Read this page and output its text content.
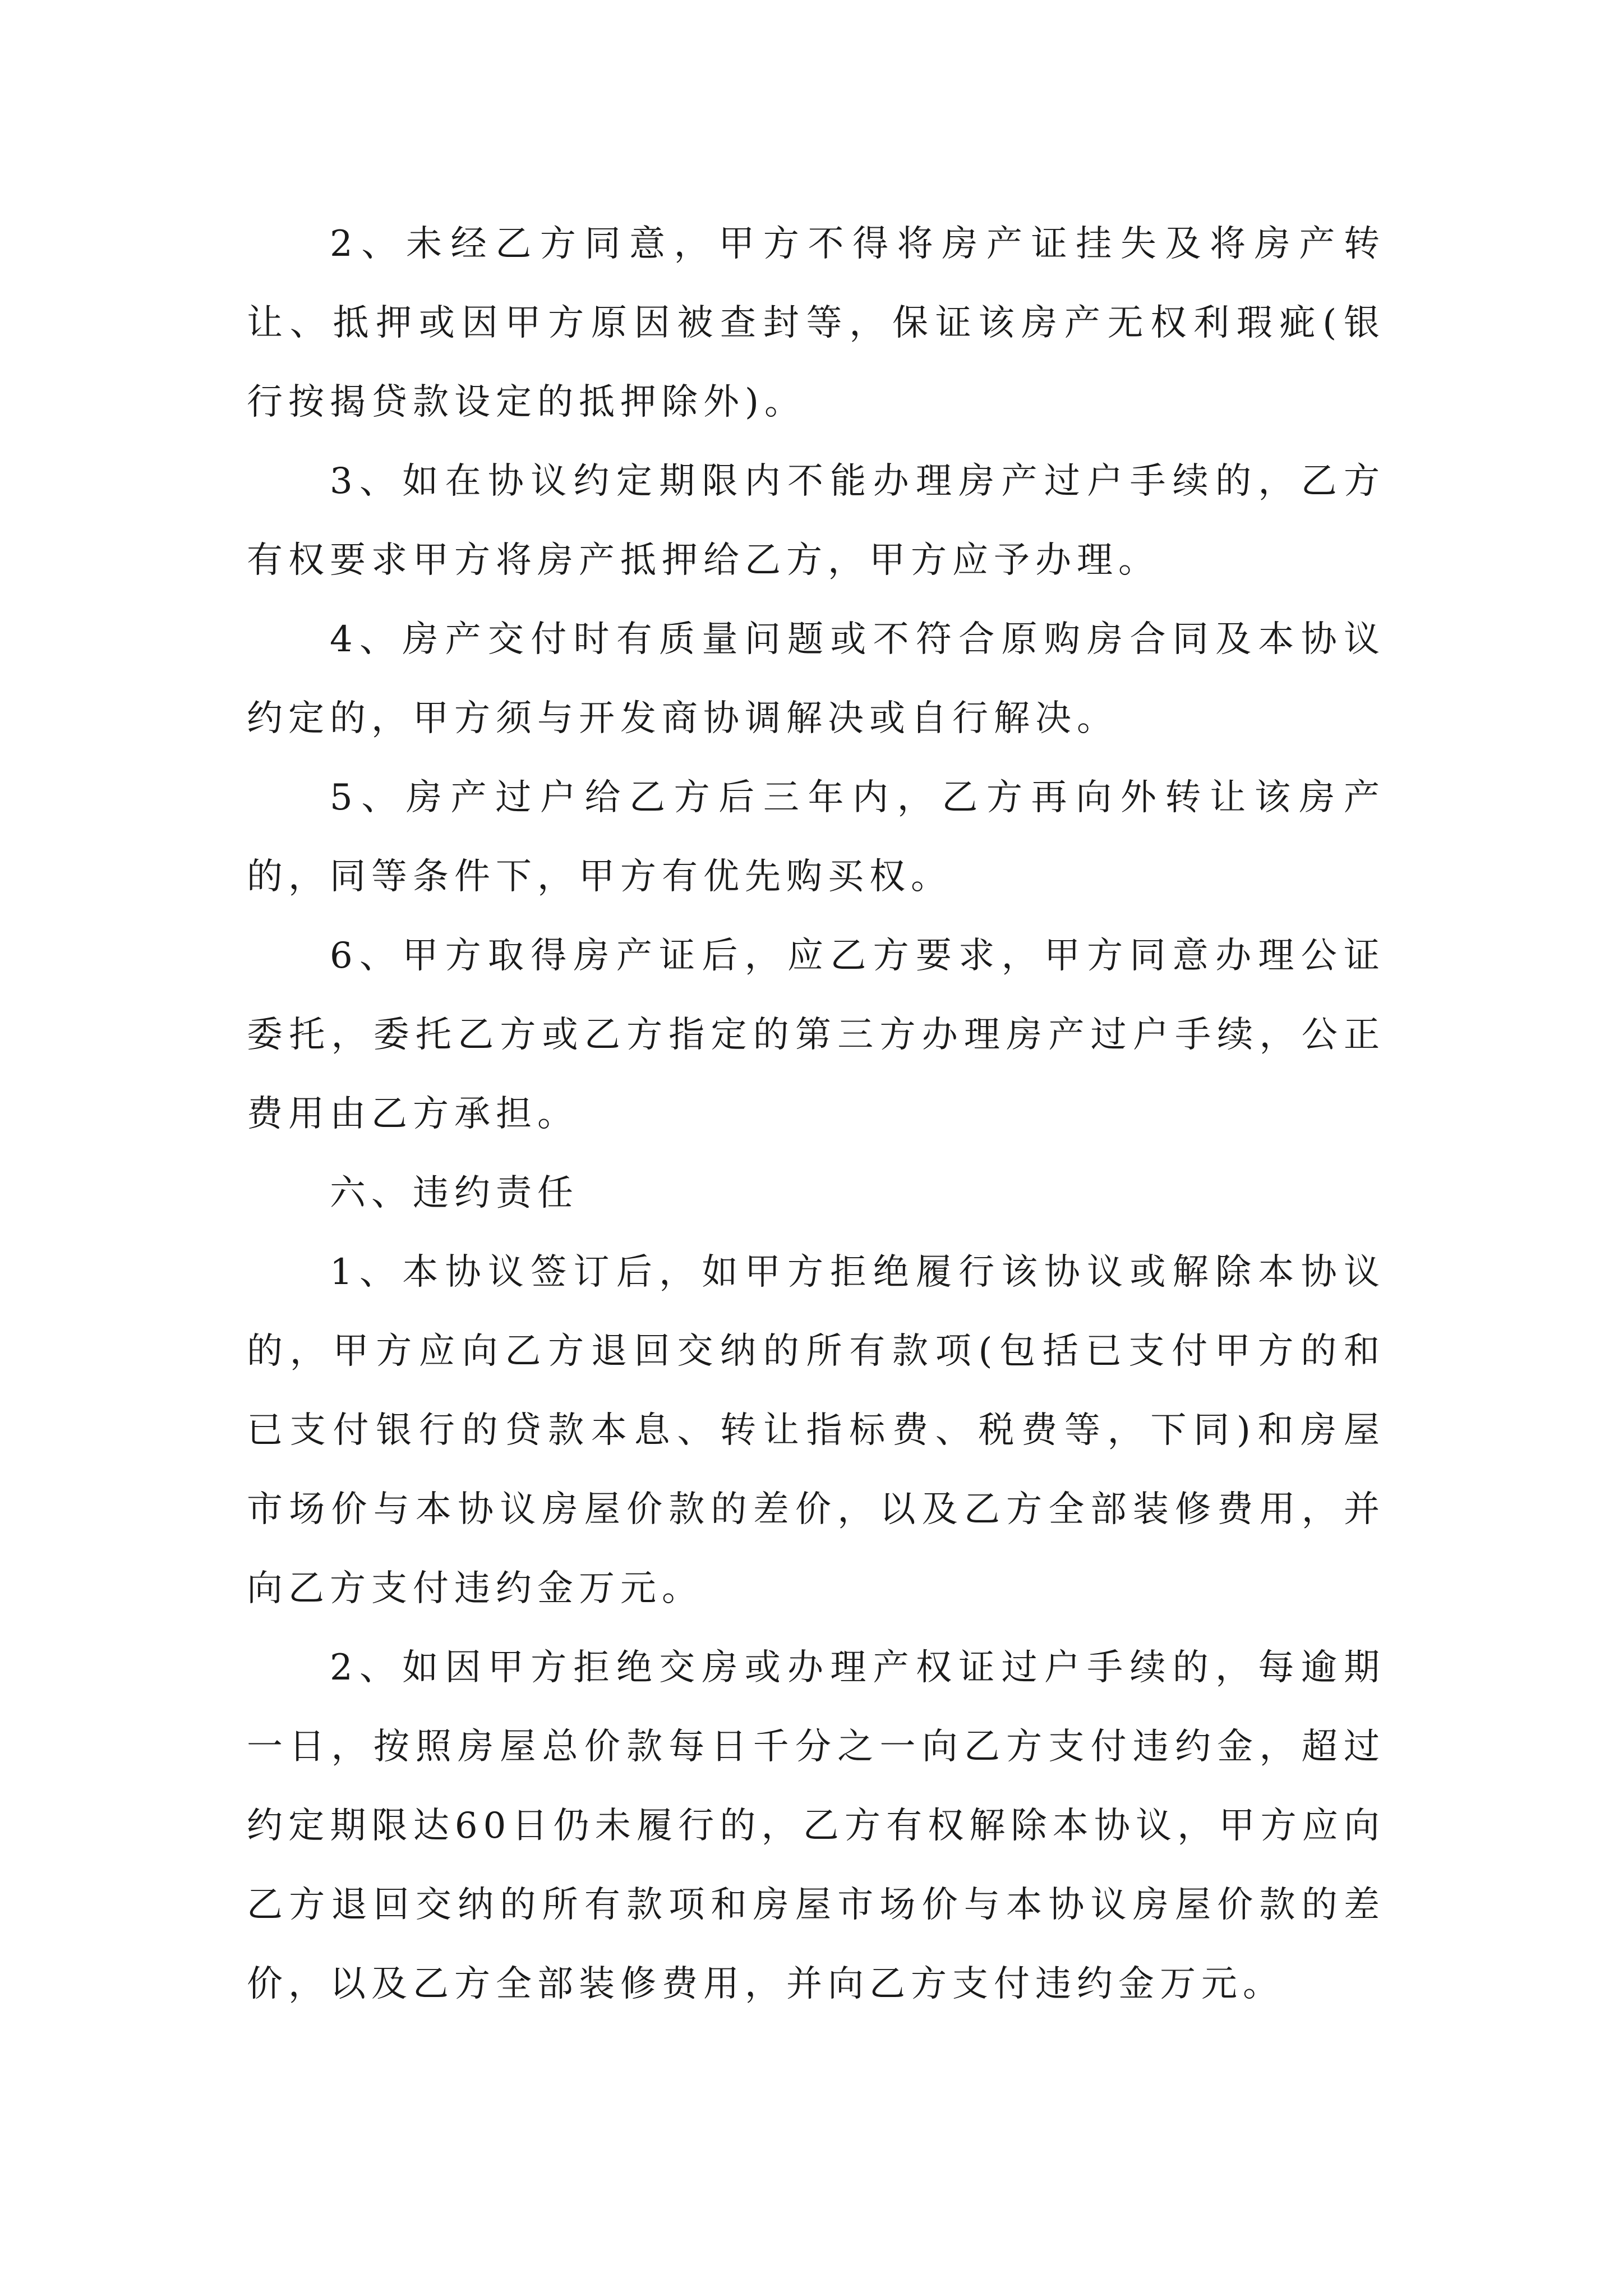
2、未经乙方同意，甲方不得将房产证挂失及将房产转让、抵押或因甲方原因被查封等，保证该房产无权利瑕疵(银行按揭贷款设定的抵押除外)。

3、如在协议约定期限内不能办理房产过户手续的，乙方有权要求甲方将房产抵押给乙方，甲方应予办理。

4、房产交付时有质量问题或不符合原购房合同及本协议约定的，甲方须与开发商协调解决或自行解决。

5、房产过户给乙方后三年内，乙方再向外转让该房产的，同等条件下，甲方有优先购买权。

6、甲方取得房产证后，应乙方要求，甲方同意办理公证委托，委托乙方或乙方指定的第三方办理房产过户手续，公正费用由乙方承担。

六、违约责任

1、本协议签订后，如甲方拒绝履行该协议或解除本协议的，甲方应向乙方退回交纳的所有款项(包括已支付甲方的和已支付银行的贷款本息、转让指标费、税费等，下同)和房屋市场价与本协议房屋价款的差价，以及乙方全部装修费用，并向乙方支付违约金万元。

2、如因甲方拒绝交房或办理产权证过户手续的，每逾期一日，按照房屋总价款每日千分之一向乙方支付违约金，超过约定期限达60日仍未履行的，乙方有权解除本协议，甲方应向乙方退回交纳的所有款项和房屋市场价与本协议房屋价款的差价，以及乙方全部装修费用，并向乙方支付违约金万元。
